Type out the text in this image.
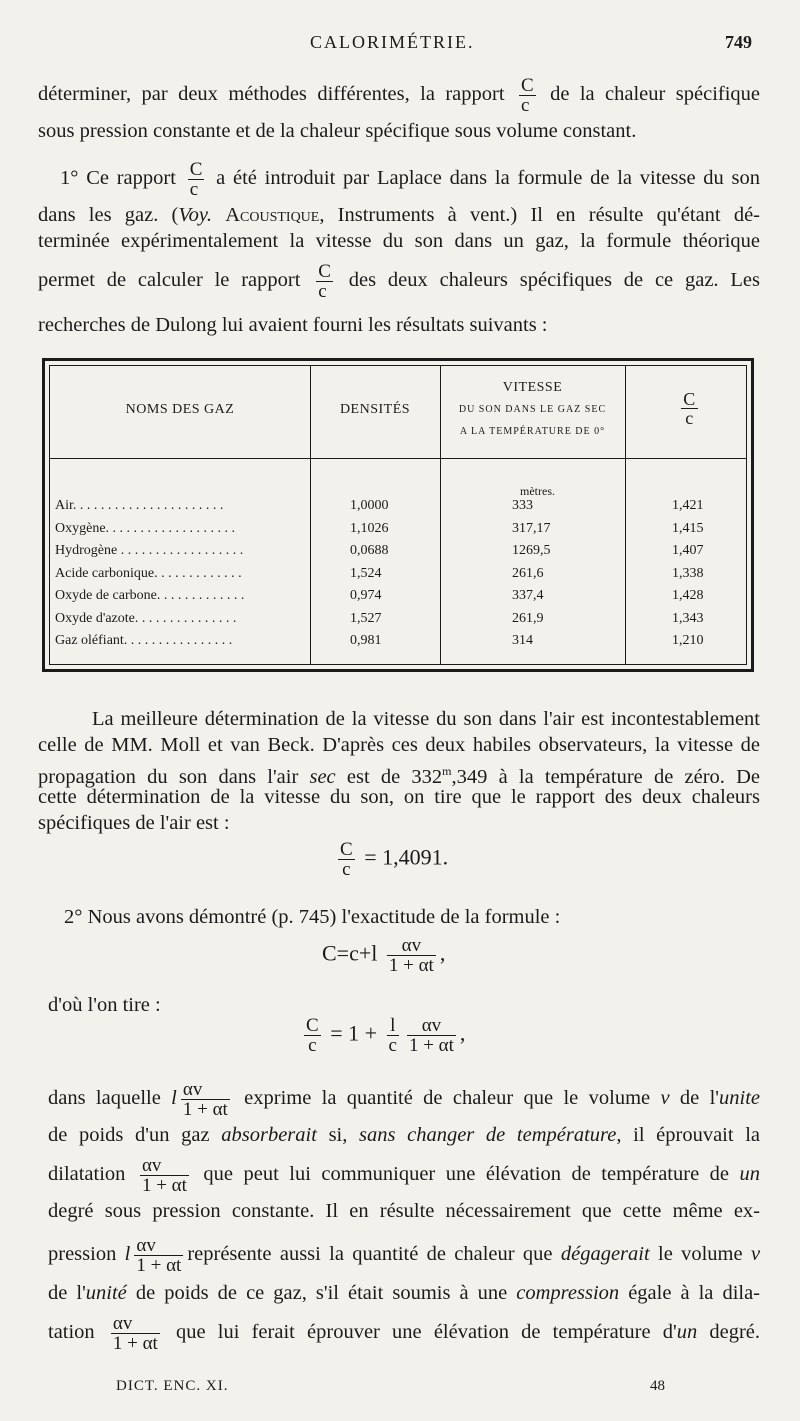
CALORIMÉTRIE.	749
déterminer, par deux méthodes différentes, la rapport $\frac{C}{c}$ de la chaleur spécifique
sous pression constante et de la chaleur spécifique sous volume constant.
1° Ce rapport $\frac{C}{c}$ a été introduit par Laplace dans la formule de la vitesse du son
dans les gaz. (Voy. Acoustique, Instruments à vent.) Il en résulte qu'étant dé-
terminée expérimentalement la vitesse du son dans un gaz, la formule théorique
permet de calculer le rapport $\frac{C}{c}$ des deux chaleurs spécifiques de ce gaz. Les
recherches de Dulong lui avaient fourni les résultats suivants :
NOMS DES GAZ	DENSITÉS
VITESSE
DU SON DANS LE GAZ SEC
A LA TEMPÉRATURE DE 0°
$\frac{C}{c}$
mètres.
Air. . . . . . . . . . . . . . . . . . . . . .	1,0000	333	1,421
Oxygène. . . . . . . . . . . . . . . . . . .	1,1026	317,17	1,415
Hydrogène . . . . . . . . . . . . . . . . . .	0,0688	1269,5	1,407
Acide carbonique. . . . . . . . . . . . .	1,524	261,6	1,338
Oxyde de carbone. . . . . . . . . . . . .	0,974	337,4	1,428
Oxyde d'azote. . . . . . . . . . . . . . .	1,527	261,9	1,343
Gaz oléfiant. . . . . . . . . . . . . . . .	0,981	314	1,210
La meilleure détermination de la vitesse du son dans l'air est incontestablement
celle de MM. Moll et van Beck. D'après ces deux habiles observateurs, la vitesse de
propagation du son dans l'air sec est de 332$^m$,349 à la température de zéro. De
cette détermination de la vitesse du son, on tire que le rapport des deux chaleurs
spécifiques de l'air est :
$\frac{C}{c} = 1,4091$.
2° Nous avons démontré (p. 745) l'exactitude de la formule :
$C=c+l \frac{\alpha v}{1 + \alpha t}$ ,
d'où l'on tire :
$\frac{C}{c} = 1 + \frac{l}{c} \frac{\alpha v}{1 + \alpha t}$ ,
dans laquelle l $\frac{\alpha v}{1 + \alpha t}$ exprime la quantité de chaleur que le volume v de l'unite
de poids d'un gaz absorberait si, sans changer de température, il éprouvait la
dilatation $\frac{\alpha v}{1 + \alpha t}$ que peut lui communiquer une élévation de température de un
degré sous pression constante. Il en résulte nécessairement que cette même ex-
pression l $\frac{\alpha v}{1 + \alpha t}$ représente aussi la quantité de chaleur que dégagerait le volume v
de l'unité de poids de ce gaz, s'il était soumis à une compression égale à la dila-
tation $\frac{\alpha v}{1 + \alpha t}$ que lui ferait éprouver une élévation de température d'un degré.
DICT. ENC. XI.	48
